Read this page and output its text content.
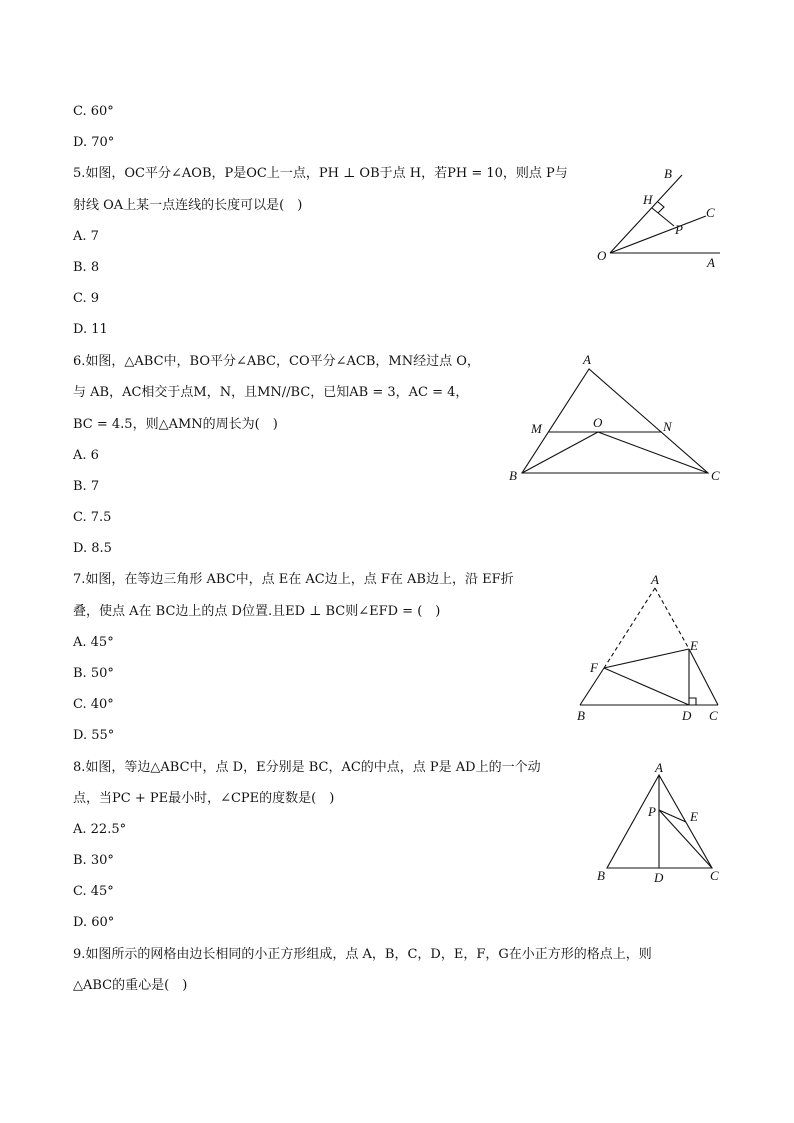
C. 60°
D. 70°
5.如图，OC平分∠AOB，P是OC上一点，PH ⊥ OB于点 H，若PH = 10，则点 P与
射线 OA上某一点连线的长度可以是(　)
A. 7
B. 8
C. 9
D. 11
B
H
C
P
O	A
6.如图，△ABC中，BO平分∠ABC，CO平分∠ACB，MN经过点 O，
与 AB，AC相交于点M，N，且MN//BC，已知AB = 3，AC = 4，
BC = 4.5，则△AMN的周长为(　)
A. 6
B. 7
C. 7.5
D. 8.5
A
M	O	N
B	C
7.如图，在等边三角形 ABC中，点 E在 AC边上，点 F在 AB边上，沿 EF折
叠，使点 A在 BC边上的点 D位置.且ED ⊥ BC则∠EFD = (　)
A. 45°
B. 50°
C. 40°
D. 55°
A
E
F
B	D C
8.如图，等边△ABC中，点 D，E分别是 BC，AC的中点，点 P是 AD上的一个动
点，当PC + PE最小时，∠CPE的度数是(　)
A. 22.5°
B. 30°
C. 45°
D. 60°
A
P	E
B	D	C
9.如图所示的网格由边长相同的小正方形组成，点 A，B，C，D，E，F，G在小正方形的格点上，则
△ABC的重心是(　)
